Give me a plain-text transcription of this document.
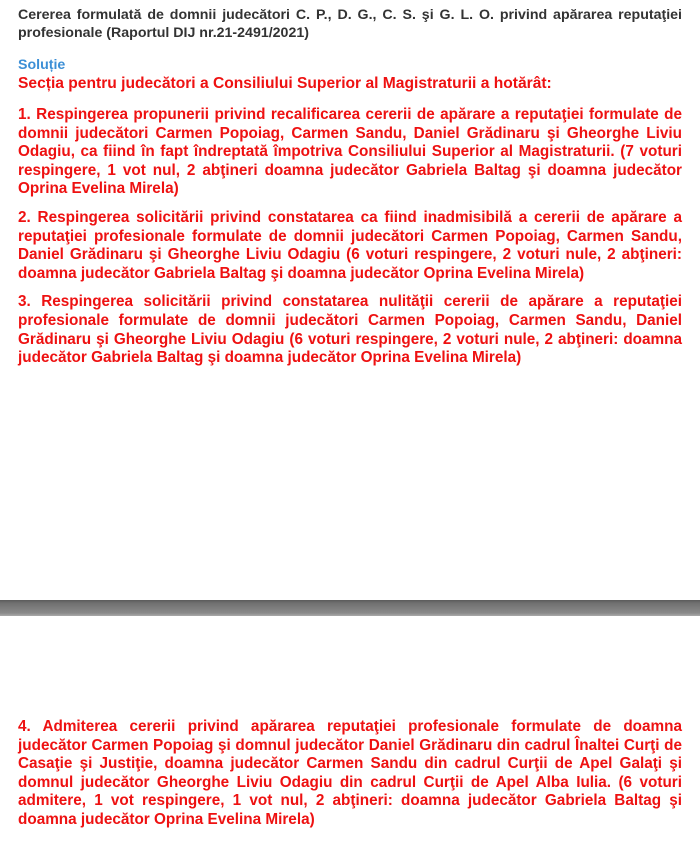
Cererea formulată de domnii judecători C. P., D. G., C. S. şi G. L. O. privind apărarea reputaţiei profesionale (Raportul DIJ nr.21-2491/2021)

Soluție

Secția pentru judecători a Consiliului Superior al Magistraturii a hotărât:

1. Respingerea propunerii privind recalificarea cererii de apărare a reputaţiei formulate de domnii judecători Carmen Popoiag, Carmen Sandu, Daniel Grădinaru şi Gheorghe Liviu Odagiu, ca fiind în fapt îndreptată împotriva Consiliului Superior al Magistraturii. (7 voturi respingere, 1 vot nul, 2 abţineri doamna judecător Gabriela Baltag şi doamna judecător Oprina Evelina Mirela)

2. Respingerea solicitării privind constatarea ca fiind inadmisibilă a cererii de apărare a reputaţiei profesionale formulate de domnii judecători Carmen Popoiag, Carmen Sandu, Daniel Grădinaru şi Gheorghe Liviu Odagiu (6 voturi respingere, 2 voturi nule, 2 abţineri: doamna judecător Gabriela Baltag şi doamna judecător Oprina Evelina Mirela)

3. Respingerea solicitării privind constatarea nulităţii cererii de apărare a reputaţiei profesionale formulate de domnii judecători Carmen Popoiag, Carmen Sandu, Daniel Grădinaru şi Gheorghe Liviu Odagiu (6 voturi respingere, 2 voturi nule, 2 abţineri: doamna judecător Gabriela Baltag şi doamna judecător Oprina Evelina Mirela)

4. Admiterea cererii privind apărarea reputaţiei profesionale formulate de doamna judecător Carmen Popoiag şi domnul judecător Daniel Grădinaru din cadrul Înaltei Curţi de Casaţie şi Justiţie, doamna judecător Carmen Sandu din cadrul Curţii de Apel Galaţi şi domnul judecător Gheorghe Liviu Odagiu din cadrul Curţii de Apel Alba Iulia. (6 voturi admitere, 1 vot respingere, 1 vot nul, 2 abţineri: doamna judecător Gabriela Baltag şi doamna judecător Oprina Evelina Mirela)
